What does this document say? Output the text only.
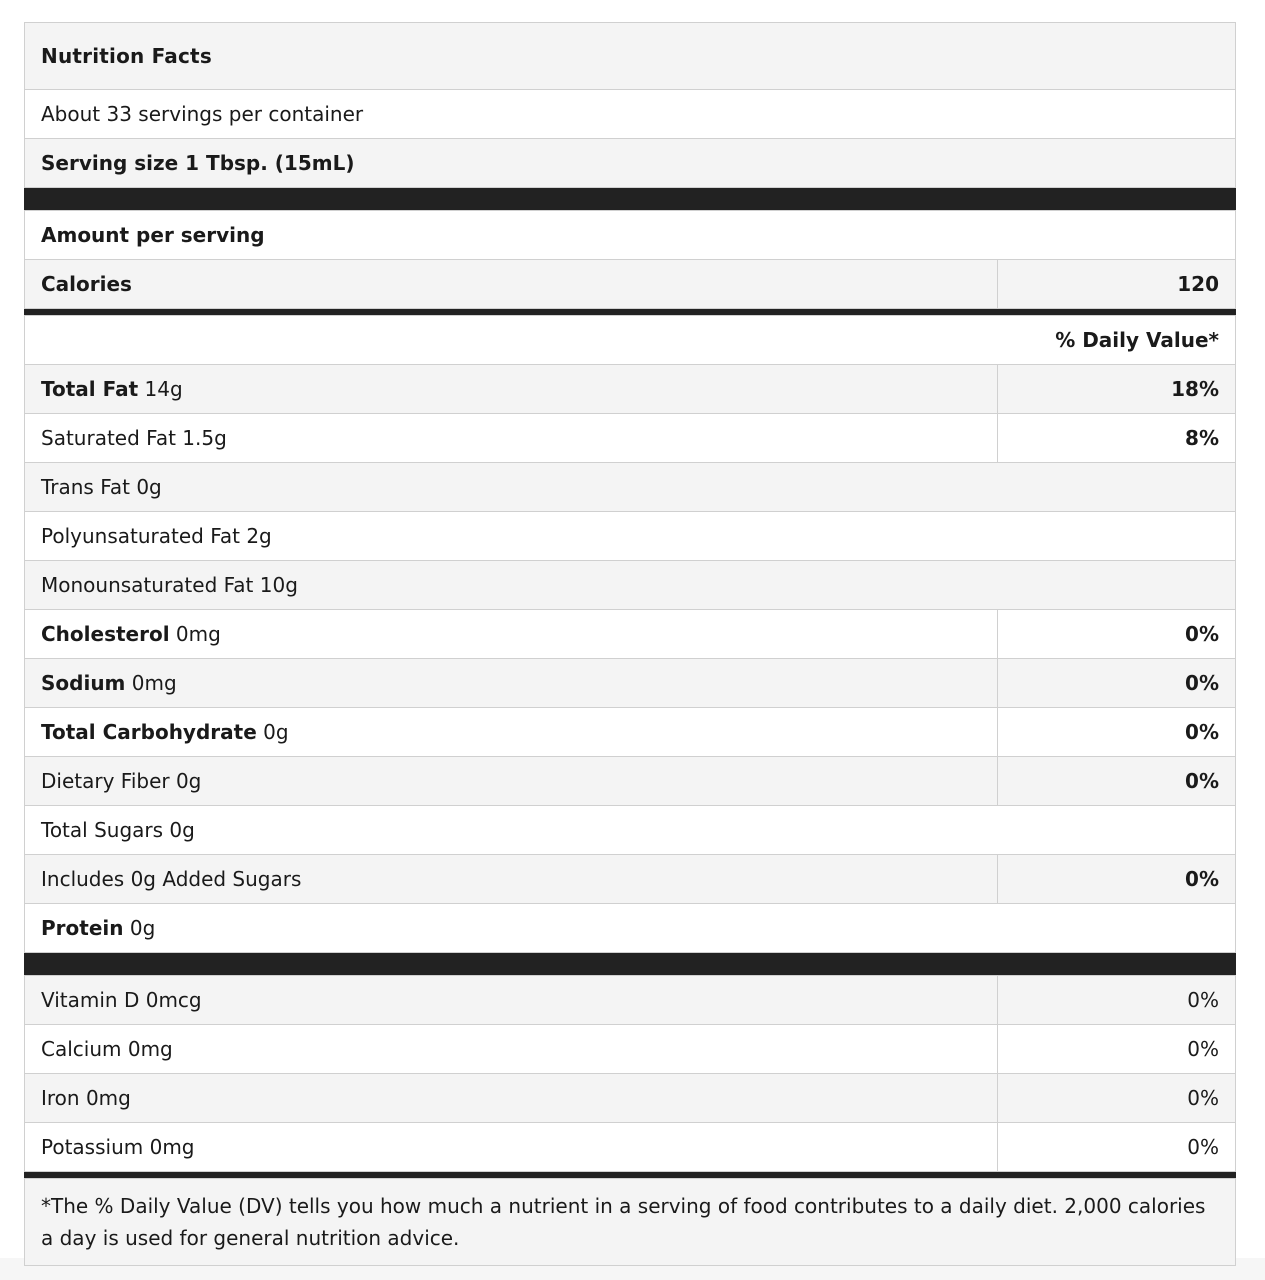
Nutrition Facts	
About 33 servings per container	
Serving size 1 Tbsp. (15mL)	

Amount per serving	
Calories	120

% Daily Value*	
Total Fat 14g	18%
Saturated Fat 1.5g	8%
Trans Fat 0g	
Polyunsaturated Fat 2g	
Monounsaturated Fat 10g	
Cholesterol 0mg	0%
Sodium 0mg	0%
Total Carbohydrate 0g	0%
Dietary Fiber 0g	0%
Total Sugars 0g	
Includes 0g Added Sugars	0%
Protein 0g	

Vitamin D 0mcg	0%
Calcium 0mg	0%
Iron 0mg	0%
Potassium 0mg	0%

*The % Daily Value (DV) tells you how much a nutrient in a serving of food contributes to a daily diet. 2,000 calories a day is used for general nutrition advice.	
